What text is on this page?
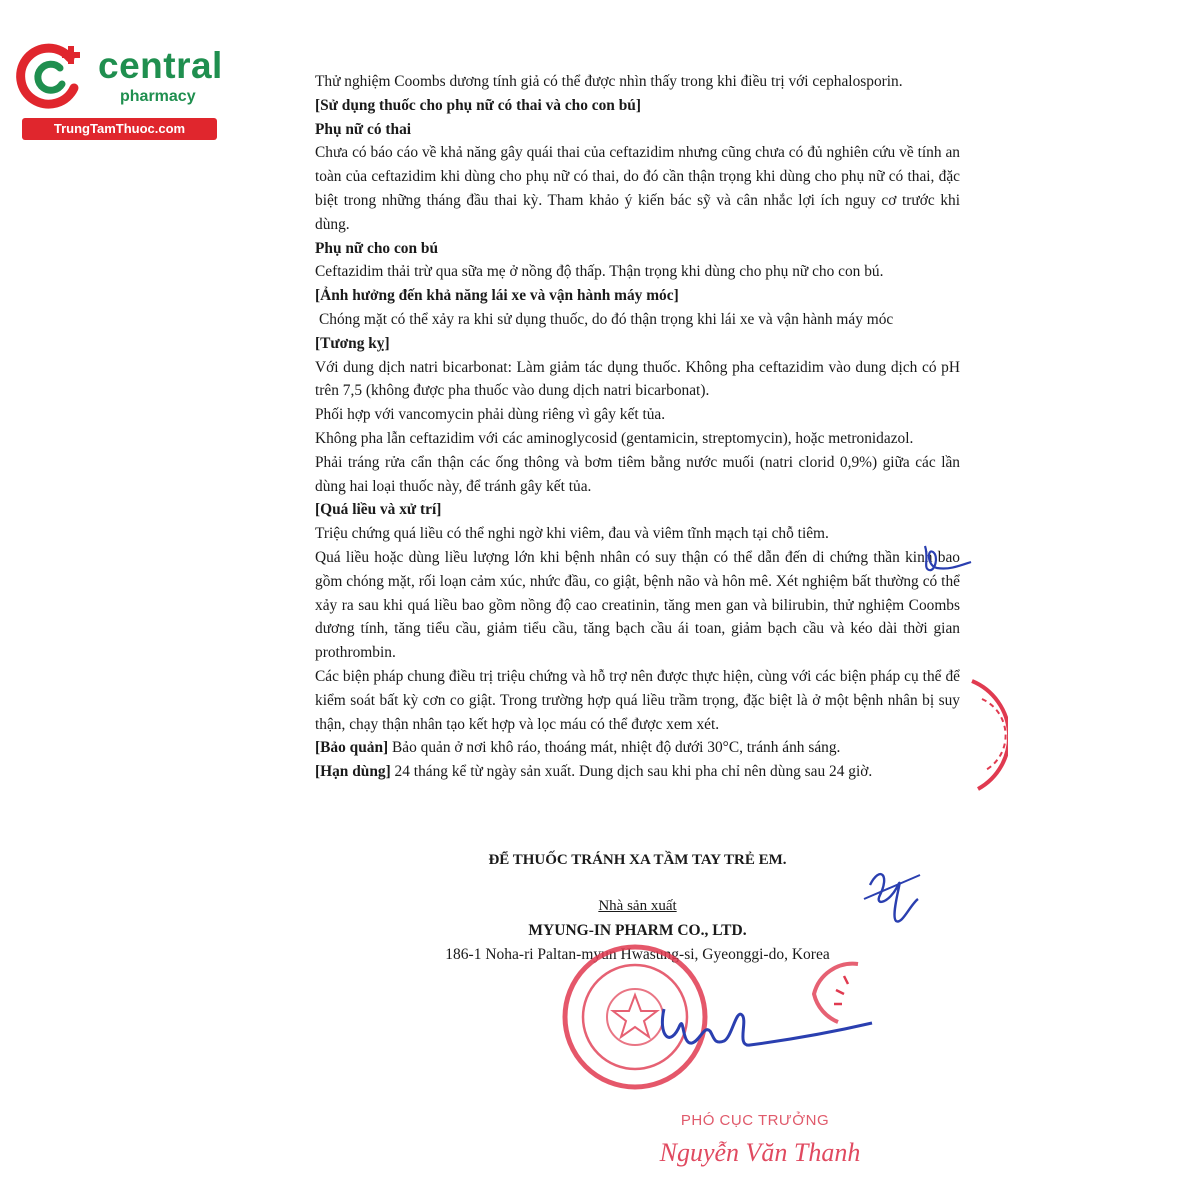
central
pharmacy
TrungTamThuoc.com

Thử nghiệm Coombs dương tính giả có thể được nhìn thấy trong khi điều trị với cephalosporin.

[Sử dụng thuốc cho phụ nữ có thai và cho con bú]

Phụ nữ có thai

Chưa có báo cáo về khả năng gây quái thai của ceftazidim nhưng cũng chưa có đủ nghiên cứu về tính an toàn của ceftazidim khi dùng cho phụ nữ có thai, do đó cần thận trọng khi dùng cho phụ nữ có thai, đặc biệt trong những tháng đầu thai kỳ. Tham khảo ý kiến bác sỹ và cân nhắc lợi ích nguy cơ trước khi dùng.

Phụ nữ cho con bú

Ceftazidim thải trừ qua sữa mẹ ở nồng độ thấp. Thận trọng khi dùng cho phụ nữ cho con bú.

[Ảnh hưởng đến khả năng lái xe và vận hành máy móc]

Chóng mặt có thể xảy ra khi sử dụng thuốc, do đó thận trọng khi lái xe và vận hành máy móc

[Tương kỵ]

Với dung dịch natri bicarbonat: Làm giảm tác dụng thuốc. Không pha ceftazidim vào dung dịch có pH trên 7,5 (không được pha thuốc vào dung dịch natri bicarbonat).

Phối hợp với vancomycin phải dùng riêng vì gây kết tủa.

Không pha lẫn ceftazidim với các aminoglycosid (gentamicin, streptomycin), hoặc metronidazol.

Phải tráng rửa cẩn thận các ống thông và bơm tiêm bằng nước muối (natri clorid 0,9%) giữa các lần dùng hai loại thuốc này, để tránh gây kết tủa.

[Quá liều và xử trí]

Triệu chứng quá liều có thể nghi ngờ khi viêm, đau và viêm tĩnh mạch tại chỗ tiêm.

Quá liều hoặc dùng liều lượng lớn khi bệnh nhân có suy thận có thể dẫn đến di chứng thần kinh bao gồm chóng mặt, rối loạn cảm xúc, nhức đầu, co giật, bệnh não và hôn mê. Xét nghiệm bất thường có thể xảy ra sau khi quá liều bao gồm nồng độ cao creatinin, tăng men gan và bilirubin, thử nghiệm Coombs dương tính, tăng tiểu cầu, giảm tiểu cầu, tăng bạch cầu ái toan, giảm bạch cầu và kéo dài thời gian prothrombin.

Các biện pháp chung điều trị triệu chứng và hỗ trợ nên được thực hiện, cùng với các biện pháp cụ thể để kiểm soát bất kỳ cơn co giật. Trong trường hợp quá liều trầm trọng, đặc biệt là ở một bệnh nhân bị suy thận, chạy thận nhân tạo kết hợp và lọc máu có thể được xem xét.

[Bảo quản] Bảo quản ở nơi khô ráo, thoáng mát, nhiệt độ dưới 30°C, tránh ánh sáng.

[Hạn dùng] 24 tháng kể từ ngày sản xuất. Dung dịch sau khi pha chỉ nên dùng sau 24 giờ.

ĐỂ THUỐC TRÁNH XA TẦM TAY TRẺ EM.
Nhà sản xuất
MYUNG-IN PHARM CO., LTD.
186-1 Noha-ri Paltan-myun Hwasung-si, Gyeonggi-do, Korea
PHÓ CỤC TRƯỞNG
Nguyễn Văn Thanh
